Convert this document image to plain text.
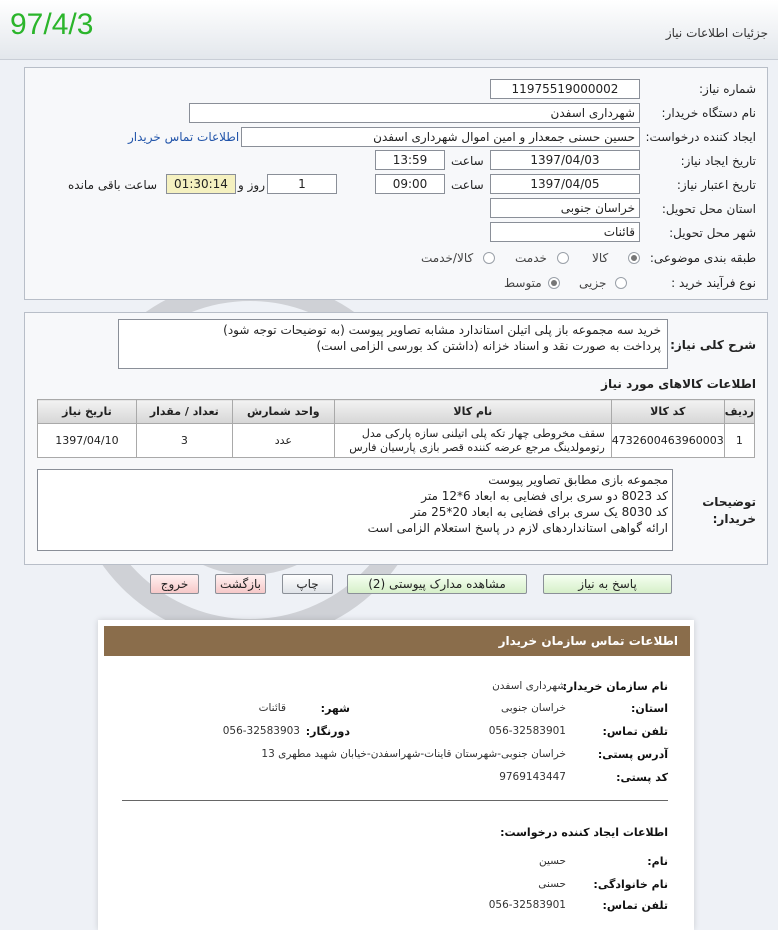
97/4/3	جزئیات اطلاعات نیاز
شماره نیاز:
11975519000002
نام دستگاه خریدار:
شهرداری اسفدن
ایجاد کننده درخواست:
حسین حسنی جمعدار و امین اموال شهرداری اسفدن
اطلاعات تماس خریدار
تاریخ ایجاد نیاز:
1397/04/03
ساعت
13:59
تاریخ اعتبار نیاز:
1397/04/05
ساعت
09:00
1
روز و
01:30:14
ساعت باقی مانده
استان محل تحویل:
خراسان جنوبی
شهر محل تحویل:
قائنات
طبقه بندی موضوعی:
کالا
خدمت
کالا/خدمت
نوع فرآیند خرید :
جزیی
متوسط
شرح کلی نیاز:
خرید سه مجموعه باز پلی اتیلن استاندارد مشابه تصاویر پیوست (به توضیحات توجه شود)
پرداخت به صورت نقد و اسناد خزانه (داشتن کد بورسی الزامی است)
اطلاعات کالاهای مورد نیاز
ردیف	کد کالا	نام کالا	واحد شمارش	تعداد / مقدار	تاریخ نیاز
1	4732600463960003	سقف مخروطی چهار تکه پلی اتیلنی سازه پارکی مدل رتومولدینگ مرجع عرضه کننده قصر بازی پارسیان فارس	عدد	3	1397/04/10
توضیحات
خریدار:
مجموعه بازی مطابق تصاویر پیوست
کد 8023 دو سری برای فضایی به ابعاد 6*12 متر
کد 8030 یک سری برای فضایی به ابعاد 20*25 متر
ارائه گواهی استانداردهای لازم در پاسخ استعلام الزامی است
پاسخ به نیاز
مشاهده مدارک پیوستی (2)
چاپ
بازگشت
خروج
اطلاعات تماس سازمان خریدار
نام سازمان خریدار:
شهرداری اسفدن
استان:
خراسان جنوبی
شهر:
قائنات
تلفن تماس:
056-32583901
دورنگار:
056-32583903
آدرس پستی:
خراسان جنوبی-شهرستان قاینات-شهراسفدن-خیابان شهید مطهری 13
کد پستی:
9769143447
اطلاعات ایجاد کننده درخواست:
نام:
حسین
نام خانوادگی:
حسنی
تلفن تماس:
056-32583901
